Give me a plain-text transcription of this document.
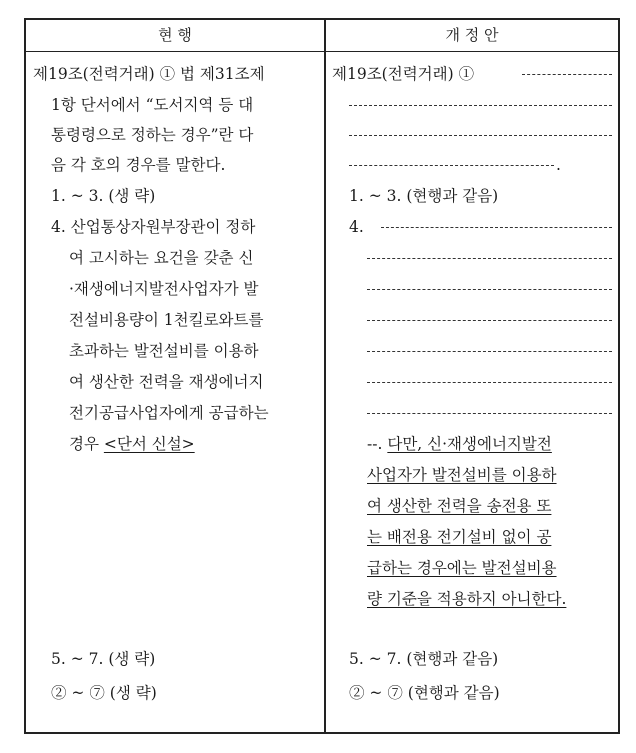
현 행	개 정 안
제19조(전력거래) ① 법 제31조제
1항 단서에서 “도서지역 등 대
통령령으로 정하는 경우”란 다
음 각 호의 경우를 말한다.
1. ~ 3. (생 략)
4. 산업통상자원부장관이 정하
여 고시하는 요건을 갖춘 신
·재생에너지발전사업자가 발
전설비용량이 1천킬로와트를
초과하는 발전설비를 이용하
여 생산한 전력을 재생에너지
전기공급사업자에게 공급하는
경우 <단서 신설>
5. ~ 7. (생 략)
② ~ ⑦ (생 략)
제19조(전력거래) ①
.
1. ~ 3. (현행과 같음)
4.
--. 다만, 신·재생에너지발전
사업자가 발전설비를 이용하
여 생산한 전력을 송전용 또
는 배전용 전기설비 없이 공
급하는 경우에는 발전설비용
량 기준을 적용하지 아니한다.
5. ~ 7. (현행과 같음)
② ~ ⑦ (현행과 같음)
